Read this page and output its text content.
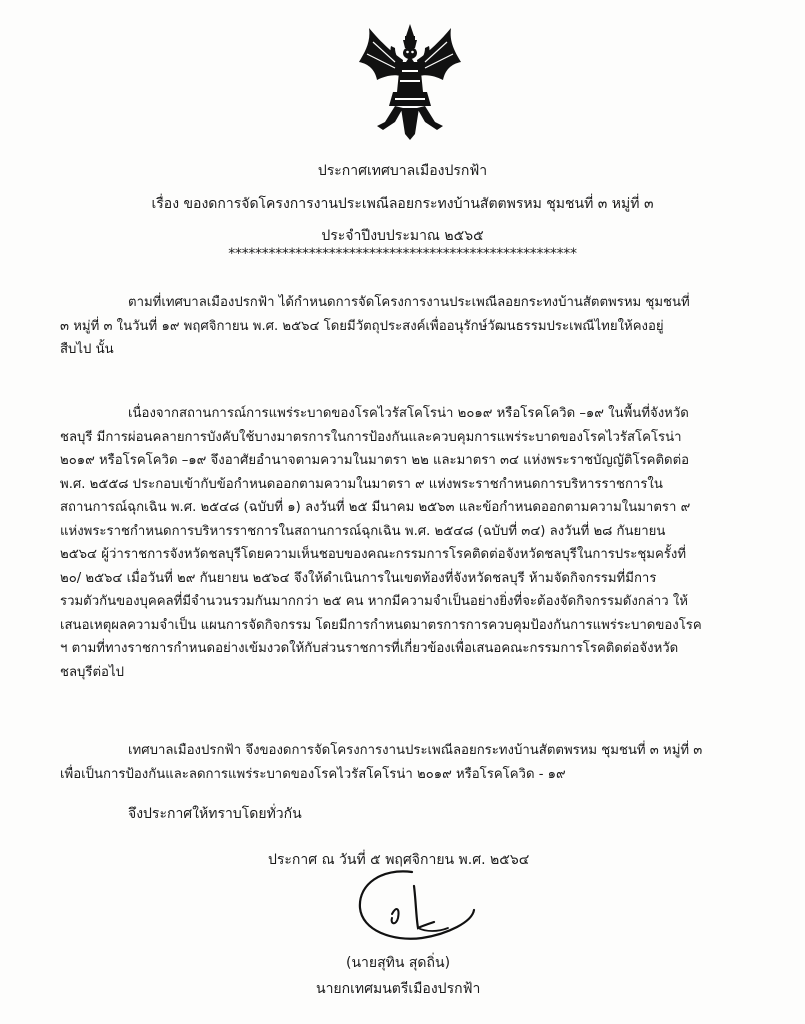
ประกาศเทศบาลเมืองปรกฟ้า
เรื่อง ของดการจัดโครงการงานประเพณีลอยกระทงบ้านสัตตพรหม ชุมชนที่ ๓ หมู่ที่ ๓
ประจำปีงบประมาณ ๒๕๖๕
****************************************************
ตามที่เทศบาลเมืองปรกฟ้า ได้กำหนดการจัดโครงการงานประเพณีลอยกระทงบ้านสัตตพรหม ชุมชนที่
๓ หมู่ที่ ๓ ในวันที่ ๑๙ พฤศจิกายน พ.ศ. ๒๕๖๔ โดยมีวัตถุประสงค์เพื่ออนุรักษ์วัฒนธรรมประเพณีไทยให้คงอยู่
สืบไป นั้น
เนื่องจากสถานการณ์การแพร่ระบาดของโรคไวรัสโคโรน่า ๒๐๑๙ หรือโรคโควิด –๑๙ ในพื้นที่จังหวัด
ชลบุรี มีการผ่อนคลายการบังคับใช้บางมาตรการในการป้องกันและควบคุมการแพร่ระบาดของโรคไวรัสโคโรน่า
๒๐๑๙ หรือโรคโควิด –๑๙ จึงอาศัยอำนาจตามความในมาตรา ๒๒ และมาตรา ๓๔ แห่งพระราชบัญญัติโรคติดต่อ
พ.ศ. ๒๕๕๘ ประกอบเข้ากับข้อกำหนดออกตามความในมาตรา ๙ แห่งพระราชกำหนดการบริหารราชการใน
สถานการณ์ฉุกเฉิน พ.ศ. ๒๕๔๘ (ฉบับที่ ๑) ลงวันที่ ๒๕ มีนาคม ๒๕๖๓ และข้อกำหนดออกตามความในมาตรา ๙
แห่งพระราชกำหนดการบริหารราชการในสถานการณ์ฉุกเฉิน พ.ศ. ๒๕๔๘ (ฉบับที่ ๓๔) ลงวันที่ ๒๘ กันยายน
๒๕๖๔ ผู้ว่าราชการจังหวัดชลบุรีโดยความเห็นชอบของคณะกรรมการโรคติดต่อจังหวัดชลบุรีในการประชุมครั้งที่
๒๐/ ๒๕๖๔ เมื่อวันที่ ๒๙ กันยายน ๒๕๖๔ จึงให้ดำเนินการในเขตท้องที่จังหวัดชลบุรี ห้ามจัดกิจกรรมที่มีการ
รวมตัวกันของบุคคลที่มีจำนวนรวมกันมากกว่า ๒๕ คน หากมีความจำเป็นอย่างยิ่งที่จะต้องจัดกิจกรรมดังกล่าว ให้
เสนอเหตุผลความจำเป็น แผนการจัดกิจกรรม โดยมีการกำหนดมาตรการการควบคุมป้องกันการแพร่ระบาดของโรค
ฯ ตามที่ทางราชการกำหนดอย่างเข้มงวดให้กับส่วนราชการที่เกี่ยวข้องเพื่อเสนอคณะกรรมการโรคติดต่อจังหวัด
ชลบุรีต่อไป
เทศบาลเมืองปรกฟ้า จึงของดการจัดโครงการงานประเพณีลอยกระทงบ้านสัตตพรหม ชุมชนที่ ๓ หมู่ที่ ๓
เพื่อเป็นการป้องกันและลดการแพร่ระบาดของโรคไวรัสโคโรน่า ๒๐๑๙ หรือโรคโควิด - ๑๙
จึงประกาศให้ทราบโดยทั่วกัน
ประกาศ ณ วันที่ ๕ พฤศจิกายน พ.ศ. ๒๕๖๔
(นายสุทิน สุดถิ่น)
นายกเทศมนตรีเมืองปรกฟ้า
